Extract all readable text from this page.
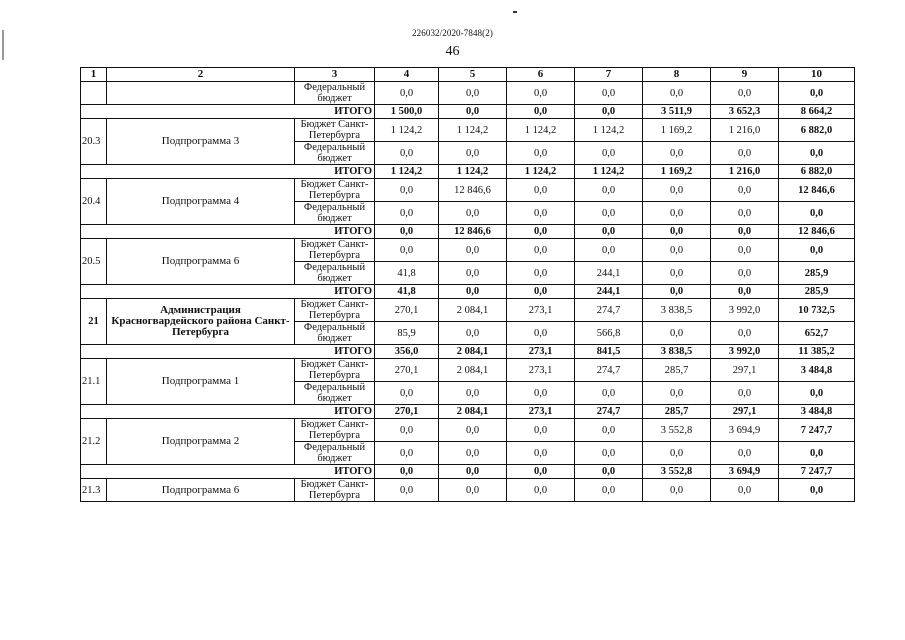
226032/2020-7848(2)
46
1	2	3	4	5	6	7	8	9	10
		Федеральный бюджет	0,0	0,0	0,0	0,0	0,0	0,0	0,0
ИТОГО			1 500,0	0,0	0,0	0,0	3 511,9	3 652,3	8 664,2
20.3	Подпрограмма 3	Бюджет Санкт-Петербурга	1 124,2	1 124,2	1 124,2	1 124,2	1 169,2	1 216,0	6 882,0
		Федеральный бюджет	0,0	0,0	0,0	0,0	0,0	0,0	0,0
ИТОГО			1 124,2	1 124,2	1 124,2	1 124,2	1 169,2	1 216,0	6 882,0
20.4	Подпрограмма 4	Бюджет Санкт-Петербурга	0,0	12 846,6	0,0	0,0	0,0	0,0	12 846,6
		Федеральный бюджет	0,0	0,0	0,0	0,0	0,0	0,0	0,0
ИТОГО			0,0	12 846,6	0,0	0,0	0,0	0,0	12 846,6
20.5	Подпрограмма 6	Бюджет Санкт-Петербурга	0,0	0,0	0,0	0,0	0,0	0,0	0,0
		Федеральный бюджет	41,8	0,0	0,0	244,1	0,0	0,0	285,9
ИТОГО			41,8	0,0	0,0	244,1	0,0	0,0	285,9
21	Администрация Красногвардейского района Санкт-Петербурга	Бюджет Санкт-Петербурга	270,1	2 084,1	273,1	274,7	3 838,5	3 992,0	10 732,5
		Федеральный бюджет	85,9	0,0	0,0	566,8	0,0	0,0	652,7
ИТОГО			356,0	2 084,1	273,1	841,5	3 838,5	3 992,0	11 385,2
21.1	Подпрограмма 1	Бюджет Санкт-Петербурга	270,1	2 084,1	273,1	274,7	285,7	297,1	3 484,8
		Федеральный бюджет	0,0	0,0	0,0	0,0	0,0	0,0	0,0
ИТОГО			270,1	2 084,1	273,1	274,7	285,7	297,1	3 484,8
21.2	Подпрограмма 2	Бюджет Санкт-Петербурга	0,0	0,0	0,0	0,0	3 552,8	3 694,9	7 247,7
		Федеральный бюджет	0,0	0,0	0,0	0,0	0,0	0,0	0,0
ИТОГО			0,0	0,0	0,0	0,0	3 552,8	3 694,9	7 247,7
21.3	Подпрограмма 6	Бюджет Санкт-Петербурга	0,0	0,0	0,0	0,0	0,0	0,0	0,0
